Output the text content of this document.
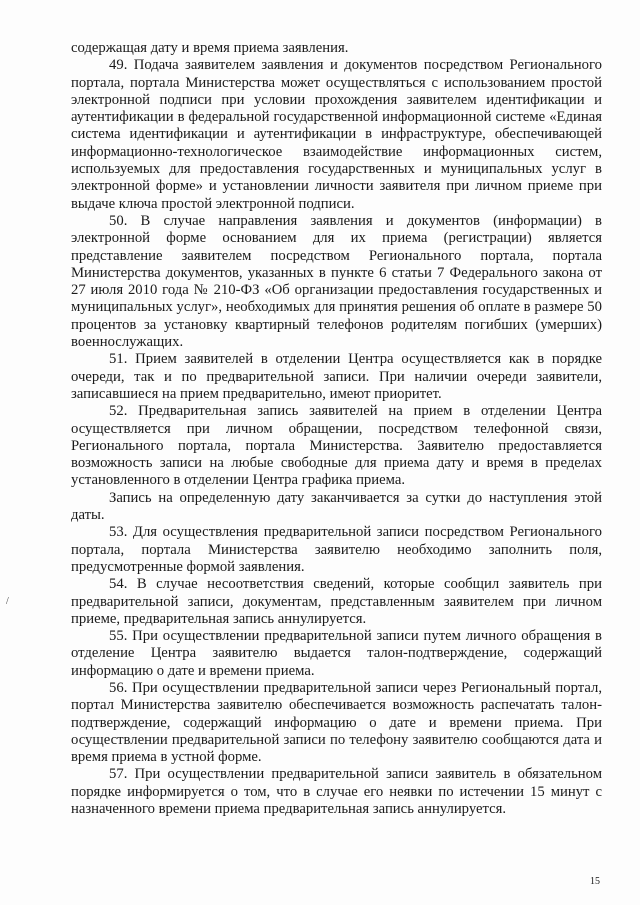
содержащая дату и время приема заявления.

49. Подача заявителем заявления и документов посредством Регионального портала, портала Министерства может осуществляться с использованием простой электронной подписи при условии прохождения заявителем идентификации и аутентификации в федеральной государственной информационной системе «Единая система идентификации и аутентификации в инфраструктуре, обеспечивающей информационно-технологическое взаимодействие информационных систем, используемых для предоставления государственных и муниципальных услуг в электронной форме» и установлении личности заявителя при личном приеме при выдаче ключа простой электронной подписи.

50. В случае направления заявления и документов (информации) в электронной форме основанием для их приема (регистрации) является представление заявителем посредством Регионального портала, портала Министерства документов, указанных в пункте 6 статьи 7 Федерального закона от 27 июля 2010 года № 210-ФЗ «Об организации предоставления государственных и муниципальных услуг», необходимых для принятия решения об оплате в размере 50 процентов за установку квартирный телефонов родителям погибших (умерших) военнослужащих.

51. Прием заявителей в отделении Центра осуществляется как в порядке очереди, так и по предварительной записи. При наличии очереди заявители, записавшиеся на прием предварительно, имеют приоритет.

52. Предварительная запись заявителей на прием в отделении Центра осуществляется при личном обращении, посредством телефонной связи, Регионального портала, портала Министерства. Заявителю предоставляется возможность записи на любые свободные для приема дату и время в пределах установленного в отделении Центра графика приема.

Запись на определенную дату заканчивается за сутки до наступления этой даты.

53. Для осуществления предварительной записи посредством Регионального портала, портала Министерства заявителю необходимо заполнить поля, предусмотренные формой заявления.

54. В случае несоответствия сведений, которые сообщил заявитель при предварительной записи, документам, представленным заявителем при личном приеме, предварительная запись аннулируется.

55. При осуществлении предварительной записи путем личного обращения в отделение Центра заявителю выдается талон-подтверждение, содержащий информацию о дате и времени приема.

56. При осуществлении предварительной записи через Региональный портал, портал Министерства заявителю обеспечивается возможность распечатать талон-подтверждение, содержащий информацию о дате и времени приема. При осуществлении предварительной записи по телефону заявителю сообщаются дата и время приема в устной форме.

57. При осуществлении предварительной записи заявитель в обязательном порядке информируется о том, что в случае его неявки по истечении 15 минут с назначенного времени приема предварительная запись аннулируется.

/
15
